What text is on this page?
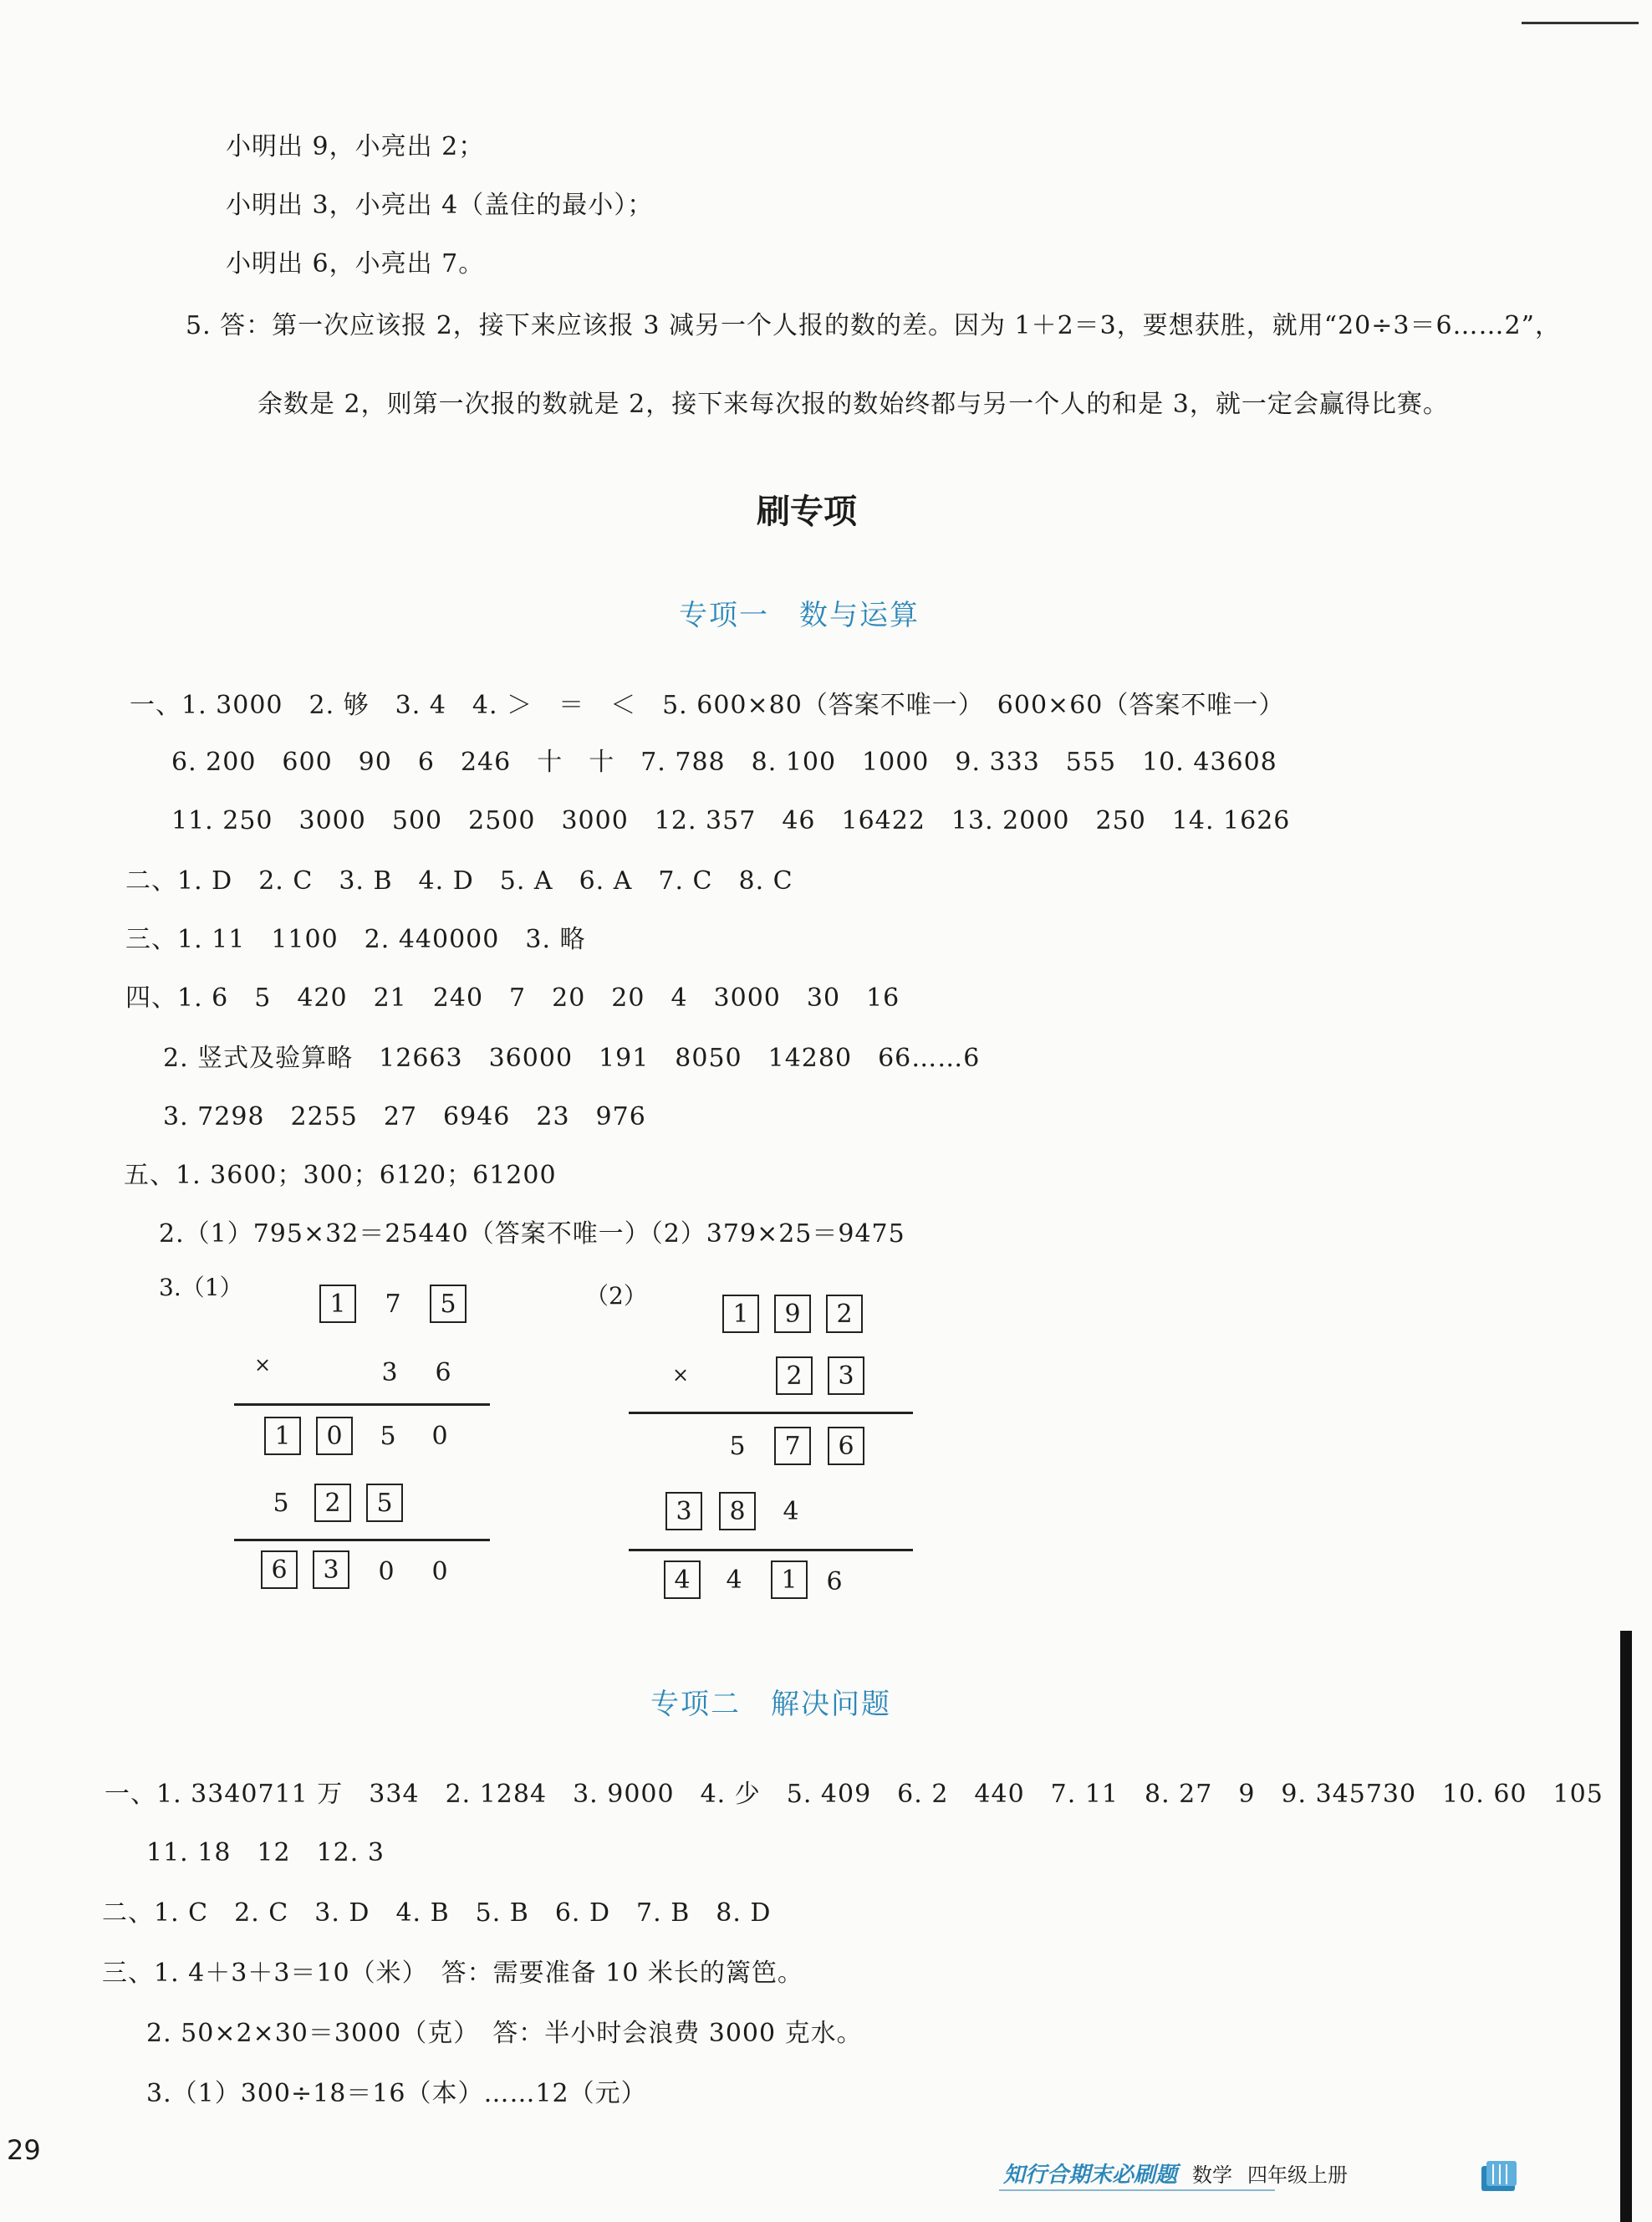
小明出 9，小亮出 2；
小明出 3，小亮出 4（盖住的最小）；
小明出 6，小亮出 7。
5. 答：第一次应该报 2，接下来应该报 3 减另一个人报的数的差。因为 1＋2＝3，要想获胜，就用“20÷3＝6……2”，
余数是 2，则第一次报的数就是 2，接下来每次报的数始终都与另一个人的和是 3，就一定会赢得比赛。
刷专项
专项一　数与运算
一、1. 3000　2. 够　3. 4　4. ＞　＝　＜　5. 600×80（答案不唯一）　600×60（答案不唯一）
6. 200　600　90　6　246　十　十　7. 788　8. 100　1000　9. 333　555　10. 43608
11. 250　3000　500　2500　3000　12. 357　46　16422　13. 2000　250　14. 1626
二、1. D　2. C　3. B　4. D　5. A　6. A　7. C　8. C
三、1. 11　1100　2. 440000　3. 略
四、1. 6　5　420　21　240　7　20　20　4　3000　30　16
2. 竖式及验算略　12663　36000　191　8050　14280　66……6
3. 7298　2255　27　6946　23　976
五、1. 3600；300；6120；61200
2.（1）795×32＝25440（答案不唯一）（2）379×25＝9475
3.（1）
1	7	5
×	3	6
1	0	5	0
5	2	5
6	3	0	0
（2）
1	9	2
×	2	3
5	7	6
3	8	4
4	4	1	6
专项二　解决问题
一、1. 3340711 万　334　2. 1284　3. 9000　4. 少　5. 409　6. 2　440　7. 11　8. 27　9　9. 345730　10. 60　105
11. 18　12　12. 3
二、1. C　2. C　3. D　4. B　5. B　6. D　7. B　8. D
三、1. 4＋3＋3＝10（米）　答：需要准备 10 米长的篱笆。
2. 50×2×30＝3000（克）　答：半小时会浪费 3000 克水。
3.（1）300÷18＝16（本）……12（元）
29
知行合期末必刷题 数学 四年级上册
